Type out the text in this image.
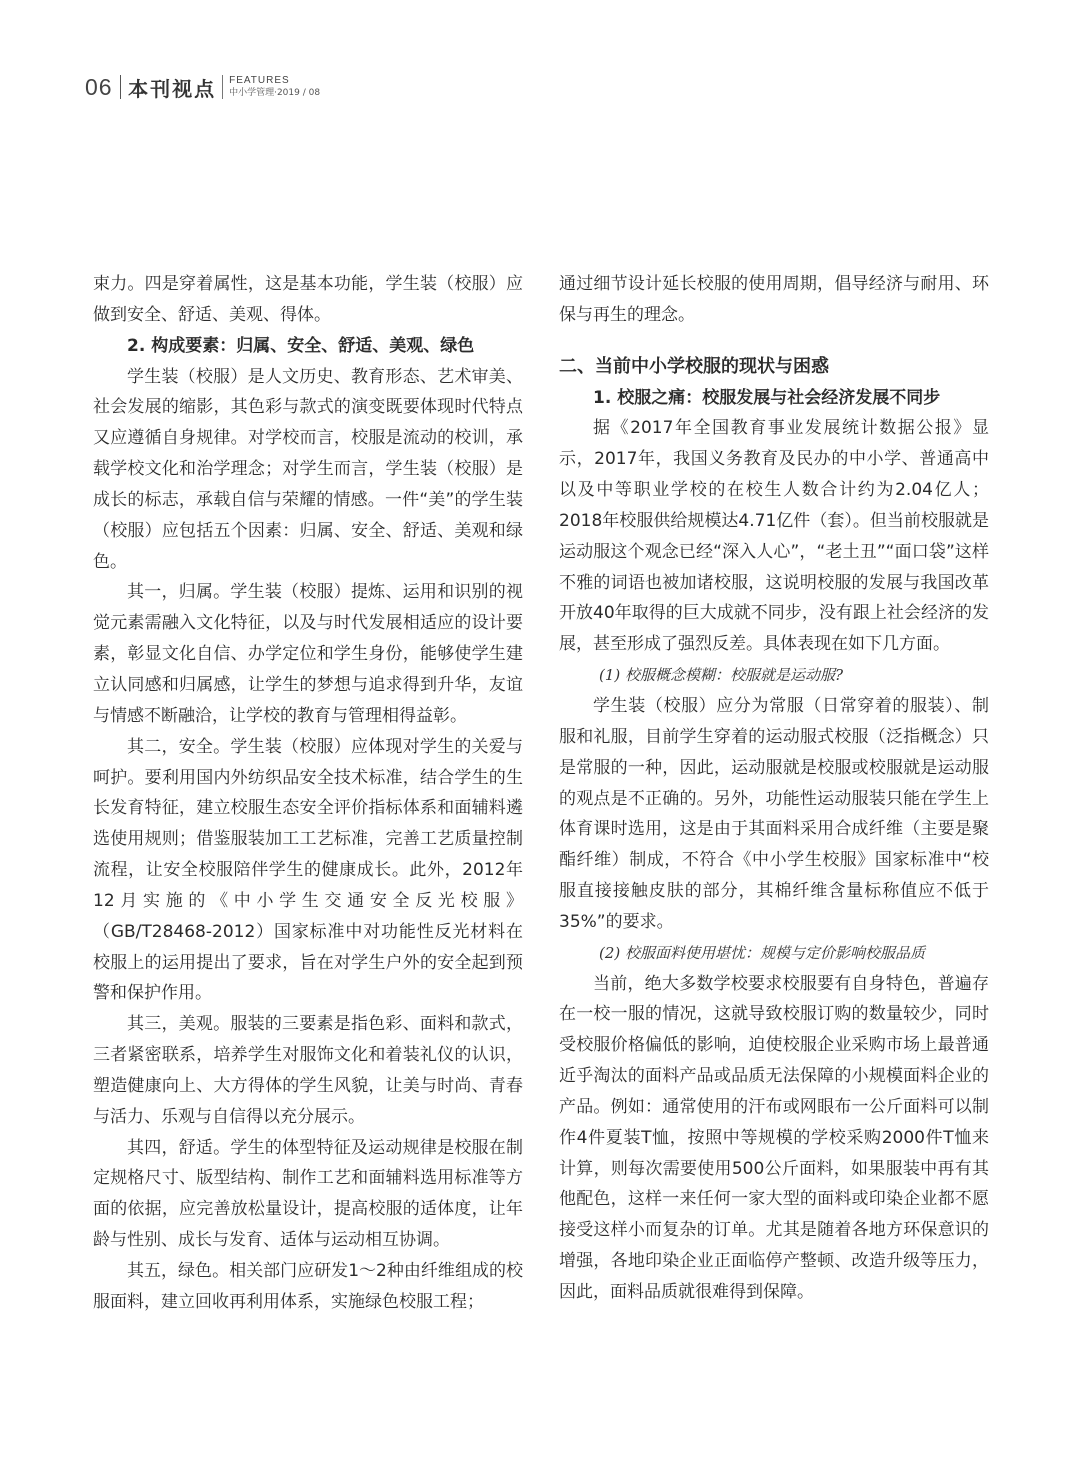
06 本刊视点 FEATURES
中小学管理·2019 / 08

束力。四是穿着属性，这是基本功能，学生装（校服）应做到安全、舒适、美观、得体。

2. 构成要素：归属、安全、舒适、美观、绿色

学生装（校服）是人文历史、教育形态、艺术审美、社会发展的缩影，其色彩与款式的演变既要体现时代特点又应遵循自身规律。对学校而言，校服是流动的校训，承载学校文化和治学理念；对学生而言，学生装（校服）是成长的标志，承载自信与荣耀的情感。一件“美”的学生装（校服）应包括五个因素：归属、安全、舒适、美观和绿色。

其一，归属。学生装（校服）提炼、运用和识别的视觉元素需融入文化特征，以及与时代发展相适应的设计要素，彰显文化自信、办学定位和学生身份，能够使学生建立认同感和归属感，让学生的梦想与追求得到升华，友谊与情感不断融洽，让学校的教育与管理相得益彰。

其二，安全。学生装（校服）应体现对学生的关爱与呵护。要利用国内外纺织品安全技术标准，结合学生的生长发育特征，建立校服生态安全评价指标体系和面辅料遴选使用规则；借鉴服装加工工艺标准，完善工艺质量控制流程，让安全校服陪伴学生的健康成长。此外，2012年12月实施的《中小学生交通安全反光校服》（GB/T28468-2012）国家标准中对功能性反光材料在校服上的运用提出了要求，旨在对学生户外的安全起到预警和保护作用。

其三，美观。服装的三要素是指色彩、面料和款式，三者紧密联系，培养学生对服饰文化和着装礼仪的认识，塑造健康向上、大方得体的学生风貌，让美与时尚、青春与活力、乐观与自信得以充分展示。

其四，舒适。学生的体型特征及运动规律是校服在制定规格尺寸、版型结构、制作工艺和面辅料选用标准等方面的依据，应完善放松量设计，提高校服的适体度，让年龄与性别、成长与发育、适体与运动相互协调。

其五，绿色。相关部门应研发1～2种由纤维组成的校服面料，建立回收再利用体系，实施绿色校服工程；

通过细节设计延长校服的使用周期，倡导经济与耐用、环保与再生的理念。

二、当前中小学校服的现状与困惑

1. 校服之痛：校服发展与社会经济发展不同步

据《2017年全国教育事业发展统计数据公报》显示，2017年，我国义务教育及民办的中小学、普通高中以及中等职业学校的在校生人数合计约为2.04亿人；2018年校服供给规模达4.71亿件（套）。但当前校服就是运动服这个观念已经“深入人心”，“老土丑”“面口袋”这样不雅的词语也被加诸校服，这说明校服的发展与我国改革开放40年取得的巨大成就不同步，没有跟上社会经济的发展，甚至形成了强烈反差。具体表现在如下几方面。

(1) 校服概念模糊：校服就是运动服?

学生装（校服）应分为常服（日常穿着的服装）、制服和礼服，目前学生穿着的运动服式校服（泛指概念）只是常服的一种，因此，运动服就是校服或校服就是运动服的观点是不正确的。另外，功能性运动服装只能在学生上体育课时选用，这是由于其面料采用合成纤维（主要是聚酯纤维）制成，不符合《中小学生校服》国家标准中“校服直接接触皮肤的部分，其棉纤维含量标称值应不低于35%”的要求。

(2) 校服面料使用堪忧：规模与定价影响校服品质

当前，绝大多数学校要求校服要有自身特色，普遍存在一校一服的情况，这就导致校服订购的数量较少，同时受校服价格偏低的影响，迫使校服企业采购市场上最普通近乎淘汰的面料产品或品质无法保障的小规模面料企业的产品。例如：通常使用的汗布或网眼布一公斤面料可以制作4件夏装T恤，按照中等规模的学校采购2000件T恤来计算，则每次需要使用500公斤面料，如果服装中再有其他配色，这样一来任何一家大型的面料或印染企业都不愿接受这样小而复杂的订单。尤其是随着各地方环保意识的增强，各地印染企业正面临停产整顿、改造升级等压力，因此，面料品质就很难得到保障。
